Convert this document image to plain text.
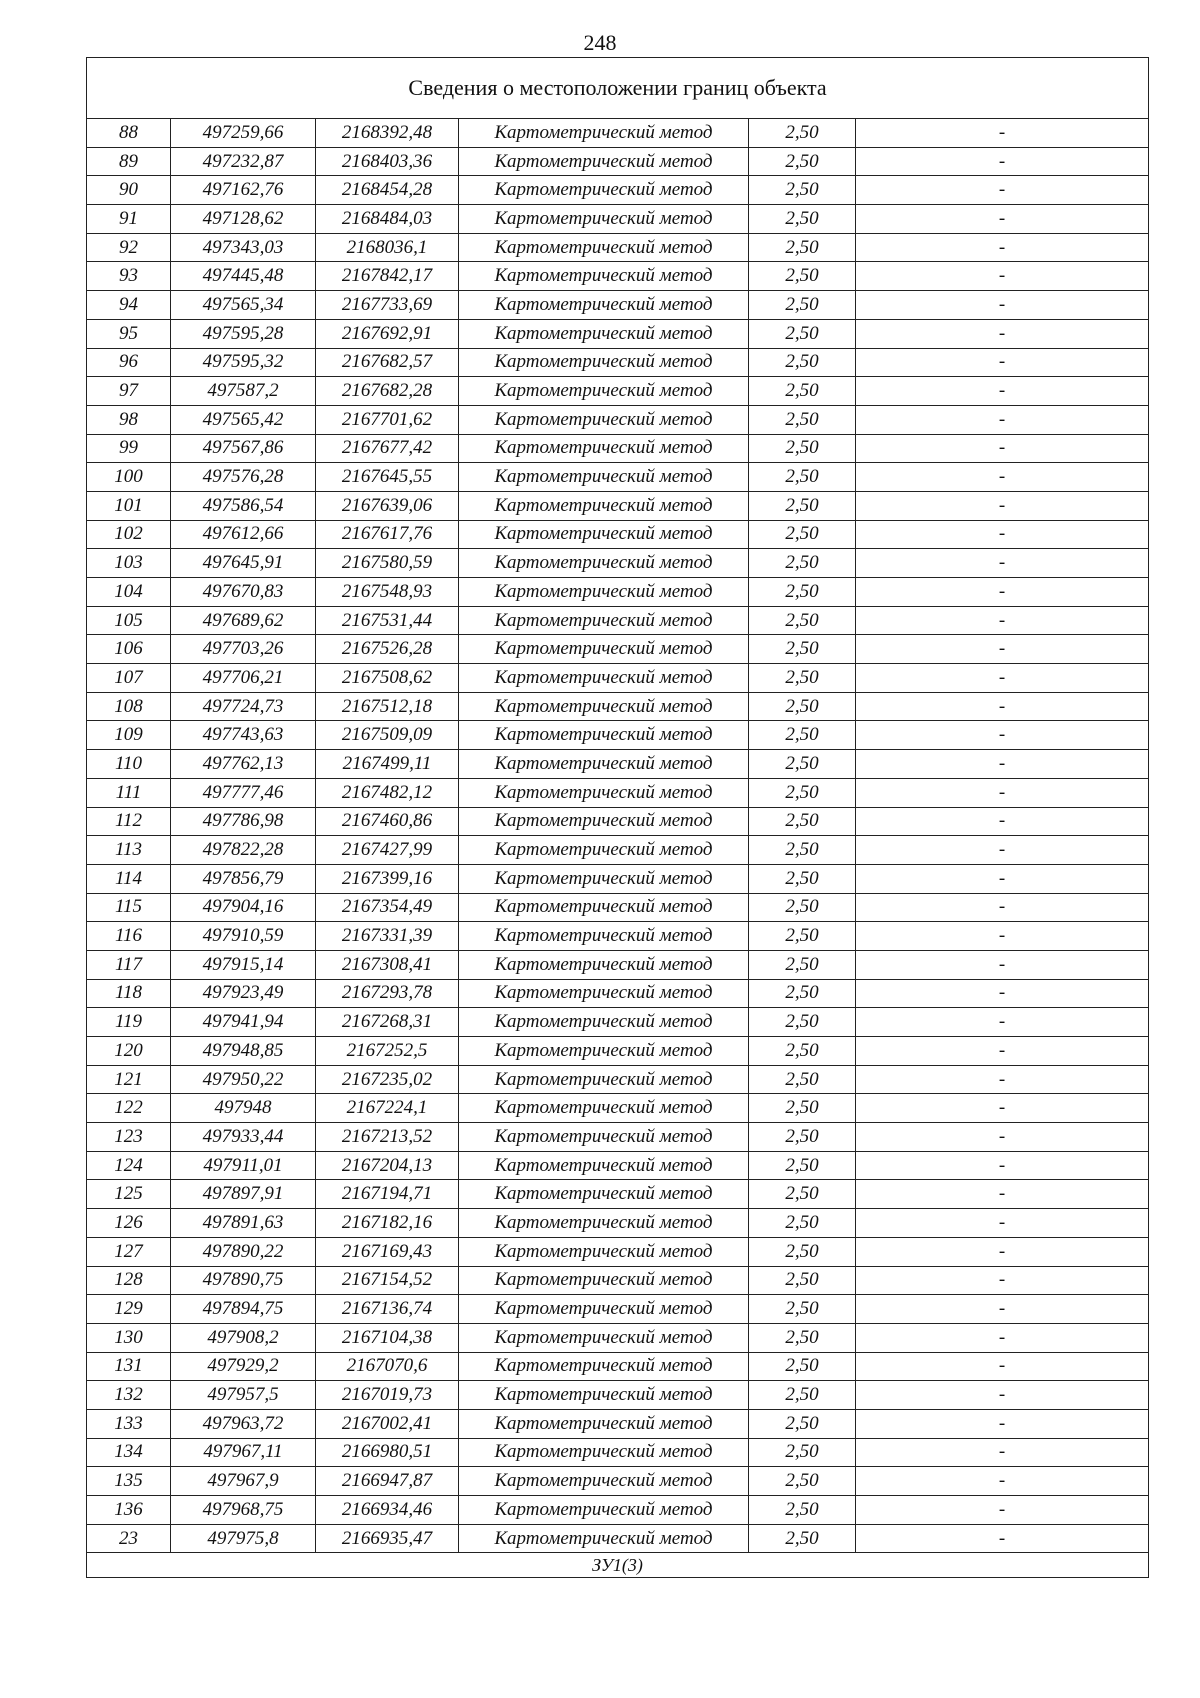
248
Сведения о местоположении границ объекта					
88	497259,66	2168392,48	Картометрический метод	2,50	-
89	497232,87	2168403,36	Картометрический метод	2,50	-
90	497162,76	2168454,28	Картометрический метод	2,50	-
91	497128,62	2168484,03	Картометрический метод	2,50	-
92	497343,03	2168036,1	Картометрический метод	2,50	-
93	497445,48	2167842,17	Картометрический метод	2,50	-
94	497565,34	2167733,69	Картометрический метод	2,50	-
95	497595,28	2167692,91	Картометрический метод	2,50	-
96	497595,32	2167682,57	Картометрический метод	2,50	-
97	497587,2	2167682,28	Картометрический метод	2,50	-
98	497565,42	2167701,62	Картометрический метод	2,50	-
99	497567,86	2167677,42	Картометрический метод	2,50	-
100	497576,28	2167645,55	Картометрический метод	2,50	-
101	497586,54	2167639,06	Картометрический метод	2,50	-
102	497612,66	2167617,76	Картометрический метод	2,50	-
103	497645,91	2167580,59	Картометрический метод	2,50	-
104	497670,83	2167548,93	Картометрический метод	2,50	-
105	497689,62	2167531,44	Картометрический метод	2,50	-
106	497703,26	2167526,28	Картометрический метод	2,50	-
107	497706,21	2167508,62	Картометрический метод	2,50	-
108	497724,73	2167512,18	Картометрический метод	2,50	-
109	497743,63	2167509,09	Картометрический метод	2,50	-
110	497762,13	2167499,11	Картометрический метод	2,50	-
111	497777,46	2167482,12	Картометрический метод	2,50	-
112	497786,98	2167460,86	Картометрический метод	2,50	-
113	497822,28	2167427,99	Картометрический метод	2,50	-
114	497856,79	2167399,16	Картометрический метод	2,50	-
115	497904,16	2167354,49	Картометрический метод	2,50	-
116	497910,59	2167331,39	Картометрический метод	2,50	-
117	497915,14	2167308,41	Картометрический метод	2,50	-
118	497923,49	2167293,78	Картометрический метод	2,50	-
119	497941,94	2167268,31	Картометрический метод	2,50	-
120	497948,85	2167252,5	Картометрический метод	2,50	-
121	497950,22	2167235,02	Картометрический метод	2,50	-
122	497948	2167224,1	Картометрический метод	2,50	-
123	497933,44	2167213,52	Картометрический метод	2,50	-
124	497911,01	2167204,13	Картометрический метод	2,50	-
125	497897,91	2167194,71	Картометрический метод	2,50	-
126	497891,63	2167182,16	Картометрический метод	2,50	-
127	497890,22	2167169,43	Картометрический метод	2,50	-
128	497890,75	2167154,52	Картометрический метод	2,50	-
129	497894,75	2167136,74	Картометрический метод	2,50	-
130	497908,2	2167104,38	Картометрический метод	2,50	-
131	497929,2	2167070,6	Картометрический метод	2,50	-
132	497957,5	2167019,73	Картометрический метод	2,50	-
133	497963,72	2167002,41	Картометрический метод	2,50	-
134	497967,11	2166980,51	Картометрический метод	2,50	-
135	497967,9	2166947,87	Картометрический метод	2,50	-
136	497968,75	2166934,46	Картометрический метод	2,50	-
23	497975,8	2166935,47	Картометрический метод	2,50	-
ЗУ1(3)					
